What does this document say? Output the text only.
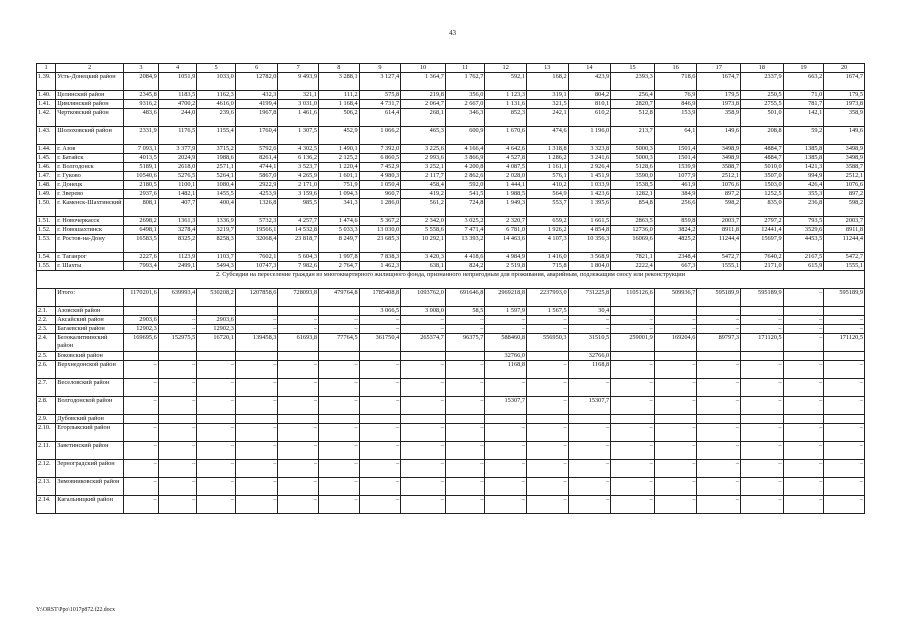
43
1	2	3	4	5	6	7	8	9	10	11	12	13	14	15	16	17	18	19	20
1.39.	Усть-Донецкий район	2084,9	1051,9	1033,0	12782,0	9 493,9	3 288,1	3 127,4	1 364,7	1 762,7	592,1	168,2	423,9	2393,3	718,6	1674,7	2337,9	663,2	1674,7
1.40.	Целинский район	2345,8	1183,5	1162,3	432,3	321,1	111,2	575,8	219,8	356,0	1 123,3	319,1	804,2	256,4	76,9	179,5	250,5	71,0	179,5
1.41.	Цимлянский район	9316,2	4700,2	4616,0	4199,4	3 031,0	1 168,4	4 731,7	2 064,7	2 667,0	1 131,6	321,5	810,1	2820,7	846,9	1973,8	2755,5	781,7	1973,8
1.42.	Чертковский район	483,6	244,0	239,6	1967,8	1 461,6	506,2	614,4	268,1	346,3	852,3	242,1	610,2	512,8	153,9	358,9	501,0	142,1	358,9
1.43.	Шолоховский район	2331,9	1176,5	1155,4	1760,4	1 307,5	452,9	1 066,2	465,3	600,9	1 670,6	474,6	1 196,0	213,7	64,1	149,6	208,8	59,2	149,6
1.44.	г. Азов	7 093,1	3 377,9	3715,2	5792,6	4 302,5	1 490,1	7 392,0	3 225,6	4 166,4	4 642,6	1 318,8	3 323,8	5000,3	1501,4	3498,9	4884,7	1385,8	3498,9
1.45.	г. Батайск	4013,5	2024,9	1988,6	8261,4	6 136,2	2 125,2	6 860,5	2 993,6	3 866,9	4 527,8	1 286,2	3 241,6	5000,3	1501,4	3498,9	4884,7	1385,8	3498,9
1.46.	г. Волгодонск	5189,1	2618,0	2571,1	4744,1	3 523,7	1 220,4	7 452,9	3 252,1	4 200,8	4 087,5	1 161,1	2 926,4	5128,6	1539,9	3588,7	5010,0	1421,3	3588,7
1.47.	г. Гуково	10540,6	5276,5	5264,1	5867,0	4 265,9	1 601,1	4 980,3	2 117,7	2 862,6	2 028,0	576,1	1 451,9	3590,0	1077,9	2512,1	3507,0	994,9	2512,1
1.48.	г. Донецк	2180,5	1100,1	1080,4	2922,9	2 171,0	751,9	1 050,4	458,4	592,0	1 444,1	410,2	1 033,9	1538,5	461,9	1076,6	1503,0	426,4	1076,6
1.49.	г. Зверево	2937,6	1482,1	1455,5	4253,9	3 159,6	1 094,3	960,7	419,2	541,5	1 988,5	564,9	1 423,6	1282,1	384,9	897,2	1252,5	355,3	897,2
1.50.	г. Каменск-Шахтинский	808,1	407,7	400,4	1326,8	985,5	341,3	1 286,0	561,2	724,8	1 949,3	553,7	1 395,6	854,8	256,6	598,2	835,0	236,8	598,2
1.51.	г. Новочеркасск	2698,2	1361,3	1336,9	5732,3	4 257,7	1 474,6	5 367,2	2 342,0	3 025,2	2 320,7	659,2	1 661,5	2863,5	859,8	2003,7	2797,2	793,5	2003,7
1.52.	г. Новошахтинск	6498,1	3278,4	3219,7	19566,1	14 532,8	5 033,3	13 030,0	5 558,6	7 471,4	6 781,0	1 926,2	4 854,8	12736,0	3824,2	8911,8	12441,4	3529,6	8911,8
1.53.	г. Ростов-на-Дону	16583,5	8325,2	8258,3	32068,4	23 818,7	8 249,7	23 685,3	10 292,1	13 393,2	14 463,6	4 107,3	10 356,3	16069,6	4825,2	11244,4	15697,9	4453,5	11244,4
1.54.	г. Таганрог	2227,6	1123,9	1103,7	7602,1	5 604,3	1 997,8	7 838,3	3 420,3	4 418,6	4 984,9	1 416,0	3 568,9	7821,1	2348,4	5472,7	7640,2	2167,5	5472,7
1.55.	г. Шахты	7993,4	2499,1	5494,3	10747,3	7 982,6	2 764,7	1 462,3	638,1	824,2	2 519,8	715,8	1 804,0	2222,4	667,3	1555,1	2171,0	615,9	1555,1
2. Субсидия на переселение граждан из многоквартирного жилищного фонда, признанного непригодным для проживания, аварийным, подлежащим сносу или реконструкции																			
	Итого:	1170201,6	639993,4	530208,2	1207858,6	728093,8	479764,8	1785408,8	1093762,0	691646,8	2969218,8	2237993,0	731225,8	1105126,6	509936,7	595189,9	595189,9	–	595189,9
2.1.	Азовский район							3 066,5	3 008,0	58,5	1 597,9	1 567,5	30,4						
2.2.	Аксайский район	2903,6	–	2903,6	–	–	–	–	–	–	–	–	–	–	–	–	–	–	–
2.3.	Багаевский район	12902,3	–	12902,3	–	–	–	–	–	–	–	–	–	–	–	–	–	–	–
2.4.	Белокалитвинский район	169695,6	152975,5	16720,1	139458,3	61693,8	77764,5	361750,4	265374,7	96375,7	588460,8	556950,3	31510,5	259001,9	169204,6	89797,3	171120,5	–	171120,5
2.5.	Боковский район										32766,0		32766,0						
2.6.	Верхнедонской район	–	–	–	–	–	–	–	–	–	1168,8	–	1168,8	–	–	–	–	–	–
2.7.	Веселовский район	–	–	–	–	–	–	–	–	–	–	–	–	–	–	–	–	–	–
2.8.	Волгодонской район	–	–	–	–	–	–	–	–	–	15307,7	–	15307,7	–	–	–	–	–	–
2.9.	Дубовский район																		
2.10.	Егорлыкский район	–	–	–	–	–	–	–	–	–	–	–	–	–	–	–	–	–	–
2.11.	Заветинский район	–	–	–	–	–	–	–	–	–	–	–	–	–	–	–	–	–	–
2.12.	Зерноградский район	–	–	–	–	–	–	–	–	–	–	–	–	–	–	–	–	–	–
2.13.	Зимовниковский район	–	–	–	–	–	–	–	–	–	–	–	–	–	–	–	–	–	–
2.14.	Кагальницкий район	–	–	–	–	–	–	–	–	–	–	–	–	–	–	–	–	–	–
Y:\ORST\Ppo\1017p872.f22.docx
